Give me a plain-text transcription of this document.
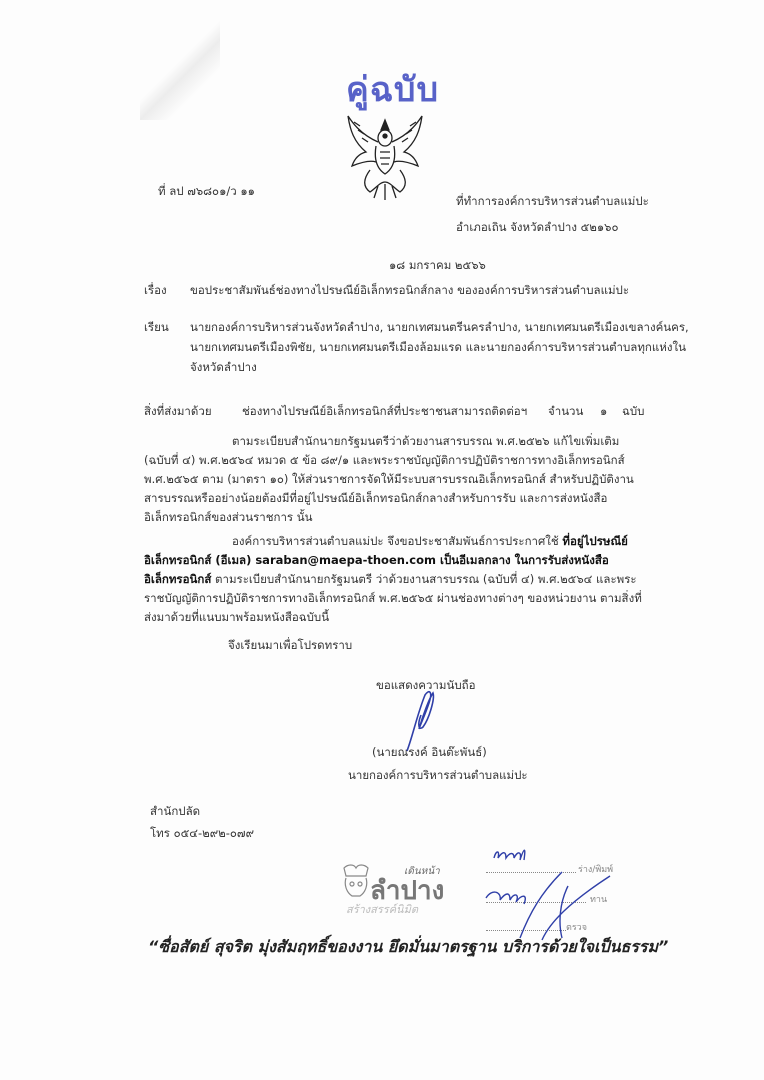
คู่ฉบับ
ที่ ลป ๗๖๘๐๑/ว ๑๑
ที่ทำการองค์การบริหารส่วนตำบลแม่ปะ
อำเภอเถิน จังหวัดลำปาง ๕๒๑๖๐
๑๘ มกราคม ๒๕๖๖
เรื่อง ขอประชาสัมพันธ์ช่องทางไปรษณีย์อิเล็กทรอนิกส์กลาง ขององค์การบริหารส่วนตำบลแม่ปะ
เรียน นายกองค์การบริหารส่วนจังหวัดลำปาง, นายกเทศมนตรีนครลำปาง, นายกเทศมนตรีเมืองเขลางค์นคร,
นายกเทศมนตรีเมืองพิชัย, นายกเทศมนตรีเมืองล้อมแรด และนายกองค์การบริหารส่วนตำบลทุกแห่งใน
จังหวัดลำปาง
สิ่งที่ส่งมาด้วย	ช่องทางไปรษณีย์อิเล็กทรอนิกส์ที่ประชาชนสามารถติดต่อฯ จำนวน ๑ ฉบับ
ตามระเบียบสำนักนายกรัฐมนตรีว่าด้วยงานสารบรรณ พ.ศ.๒๕๒๖ แก้ไขเพิ่มเติม (ฉบับที่ ๔) พ.ศ.๒๕๖๔ หมวด ๕ ข้อ ๘๙/๑ และพระราชบัญญัติการปฏิบัติราชการทางอิเล็กทรอนิกส์ พ.ศ.๒๕๖๕ ตาม (มาตรา ๑๐) ให้ส่วนราชการจัดให้มีระบบสารบรรณอิเล็กทรอนิกส์ สำหรับปฏิบัติงานสารบรรณหรืออย่างน้อยต้องมีที่อยู่ไปรษณีย์อิเล็กทรอนิกส์กลางสำหรับการรับ และการส่งหนังสืออิเล็กทรอนิกส์ของส่วนราชการ นั้น
องค์การบริหารส่วนตำบลแม่ปะ จึงขอประชาสัมพันธ์การประกาศใช้ ที่อยู่ไปรษณีย์อิเล็กทรอนิกส์ (อีเมล) saraban@maepa-thoen.com เป็นอีเมลกลาง ในการรับส่งหนังสืออิเล็กทรอนิกส์ ตามระเบียบสำนักนายกรัฐมนตรี ว่าด้วยงานสารบรรณ (ฉบับที่ ๔) พ.ศ.๒๕๖๔ และพระราชบัญญัติการปฏิบัติราชการทางอิเล็กทรอนิกส์ พ.ศ.๒๕๖๕ ผ่านช่องทางต่างๆ ของหน่วยงาน ตามสิ่งที่ส่งมาด้วยที่แนบมาพร้อมหนังสือฉบับนี้
จึงเรียนมาเพื่อโปรดทราบ
ขอแสดงความนับถือ
(นายณรงค์ อินต๊ะพันธ์)
นายกองค์การบริหารส่วนตำบลแม่ปะ
สำนักปลัด
โทร ๐๕๔-๒๙๒-๐๗๙
เดินหน้า
ลำปาง
สร้างสรรค์นิมิต
ร่าง/พิมพ์
ทาน
ตรวจ
“ซื่อสัตย์ สุจริต มุ่งสัมฤทธิ์ของงาน ยึดมั่นมาตรฐาน บริการด้วยใจเป็นธรรม”
